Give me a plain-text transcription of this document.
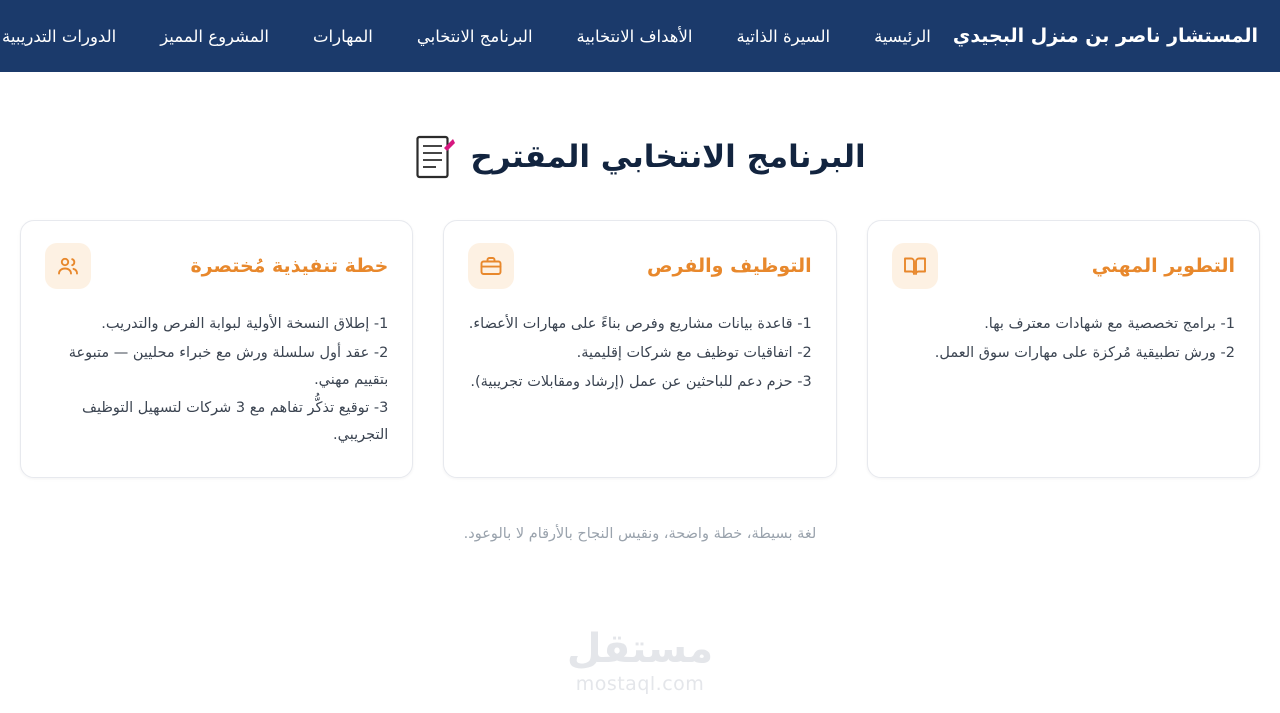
المستشار ناصر بن منزل البجيدي
الرئيسية
السيرة الذاتية
الأهداف الانتخابية
البرنامج الانتخابي
المهارات
المشروع المميز
الدورات التدريبية
البرنامج الانتخابي المقترح
التطوير المهني
1- برامج تخصصية مع شهادات معترف بها.
2- ورش تطبيقية مُركزة على مهارات سوق العمل.
التوظيف والفرص
1- قاعدة بيانات مشاريع وفرص بناءً على مهارات الأعضاء.
2- اتفاقيات توظيف مع شركات إقليمية.
3- حزم دعم للباحثين عن عمل (إرشاد ومقابلات تجريبية).
خطة تنفيذية مُختصرة
1- إطلاق النسخة الأولية لبوابة الفرص والتدريب.
2- عقد أول سلسلة ورش مع خبراء محليين — متبوعة بتقييم مهني.
3- توقيع تذكُّر تفاهم مع 3 شركات لتسهيل التوظيف التجريبي.
لغة بسيطة، خطة واضحة، ونقيس النجاح بالأرقام لا بالوعود.
مستقل
mostaql.com
